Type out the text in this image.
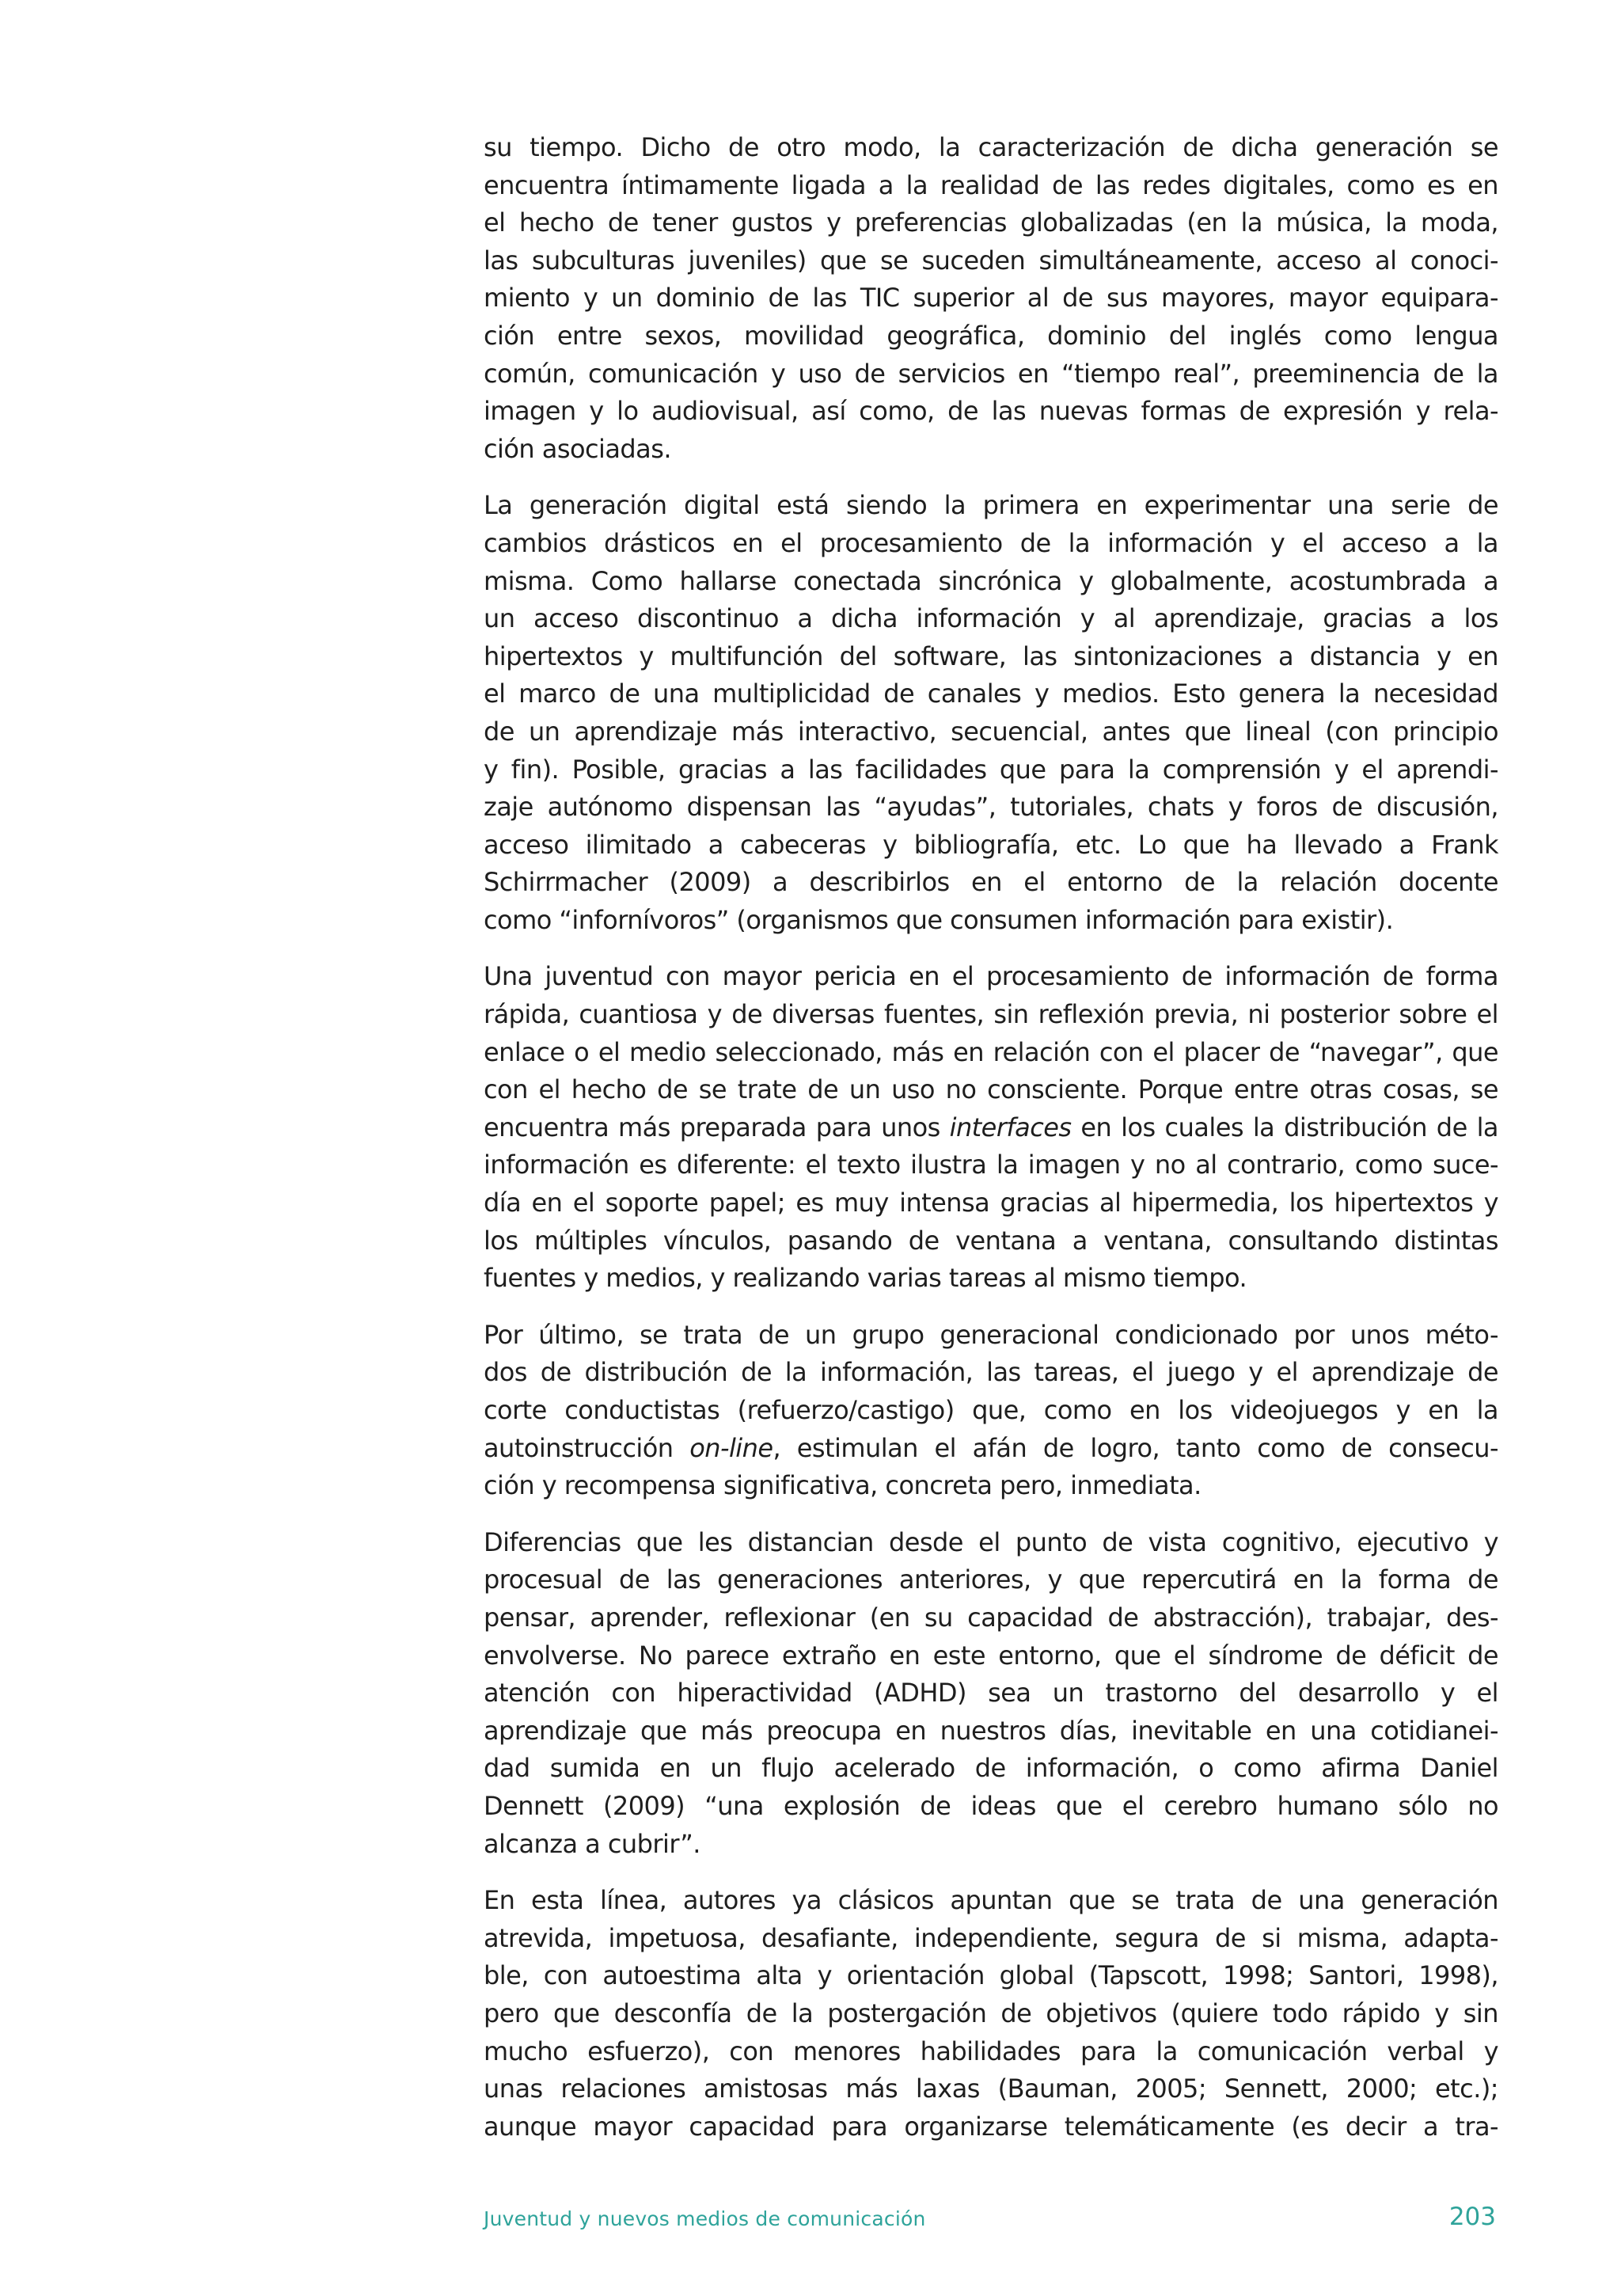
su tiempo. Dicho de otro modo, la caracterización de dicha generación se
encuentra íntimamente ligada a la realidad de las redes digitales, como es en
el hecho de tener gustos y preferencias globalizadas (en la música, la moda,
las subculturas juveniles) que se suceden simultáneamente, acceso al conoci-
miento y un dominio de las TIC superior al de sus mayores, mayor equipara-
ción entre sexos, movilidad geográfica, dominio del inglés como lengua
común, comunicación y uso de servicios en “tiempo real”, preeminencia de la
imagen y lo audiovisual, así como, de las nuevas formas de expresión y rela-
ción asociadas.
La generación digital está siendo la primera en experimentar una serie de
cambios drásticos en el procesamiento de la información y el acceso a la
misma. Como hallarse conectada sincrónica y globalmente, acostumbrada a
un acceso discontinuo a dicha información y al aprendizaje, gracias a los
hipertextos y multifunción del software, las sintonizaciones a distancia y en
el marco de una multiplicidad de canales y medios. Esto genera la necesidad
de un aprendizaje más interactivo, secuencial, antes que lineal (con principio
y fin). Posible, gracias a las facilidades que para la comprensión y el aprendi-
zaje autónomo dispensan las “ayudas”, tutoriales, chats y foros de discusión,
acceso ilimitado a cabeceras y bibliografía, etc. Lo que ha llevado a Frank
Schirrmacher (2009) a describirlos en el entorno de la relación docente
como “infornívoros” (organismos que consumen información para existir).
Una juventud con mayor pericia en el procesamiento de información de forma
rápida, cuantiosa y de diversas fuentes, sin reflexión previa, ni posterior sobre el
enlace o el medio seleccionado, más en relación con el placer de “navegar”, que
con el hecho de se trate de un uso no consciente. Porque entre otras cosas, se
encuentra más preparada para unos interfaces en los cuales la distribución de la
información es diferente: el texto ilustra la imagen y no al contrario, como suce-
día en el soporte papel; es muy intensa gracias al hipermedia, los hipertextos y
los múltiples vínculos, pasando de ventana a ventana, consultando distintas
fuentes y medios, y realizando varias tareas al mismo tiempo.
Por último, se trata de un grupo generacional condicionado por unos méto-
dos de distribución de la información, las tareas, el juego y el aprendizaje de
corte conductistas (refuerzo/castigo) que, como en los videojuegos y en la
autoinstrucción on-line, estimulan el afán de logro, tanto como de consecu-
ción y recompensa significativa, concreta pero, inmediata.
Diferencias que les distancian desde el punto de vista cognitivo, ejecutivo y
procesual de las generaciones anteriores, y que repercutirá en la forma de
pensar, aprender, reflexionar (en su capacidad de abstracción), trabajar, des-
envolverse. No parece extraño en este entorno, que el síndrome de déficit de
atención con hiperactividad (ADHD) sea un trastorno del desarrollo y el
aprendizaje que más preocupa en nuestros días, inevitable en una cotidianei-
dad sumida en un flujo acelerado de información, o como afirma Daniel
Dennett (2009) “una explosión de ideas que el cerebro humano sólo no
alcanza a cubrir”.
En esta línea, autores ya clásicos apuntan que se trata de una generación
atrevida, impetuosa, desafiante, independiente, segura de si misma, adapta-
ble, con autoestima alta y orientación global (Tapscott, 1998; Santori, 1998),
pero que desconfía de la postergación de objetivos (quiere todo rápido y sin
mucho esfuerzo), con menores habilidades para la comunicación verbal y
unas relaciones amistosas más laxas (Bauman, 2005; Sennett, 2000; etc.);
aunque mayor capacidad para organizarse telemáticamente (es decir a tra-
Juventud y nuevos medios de comunicación	203
